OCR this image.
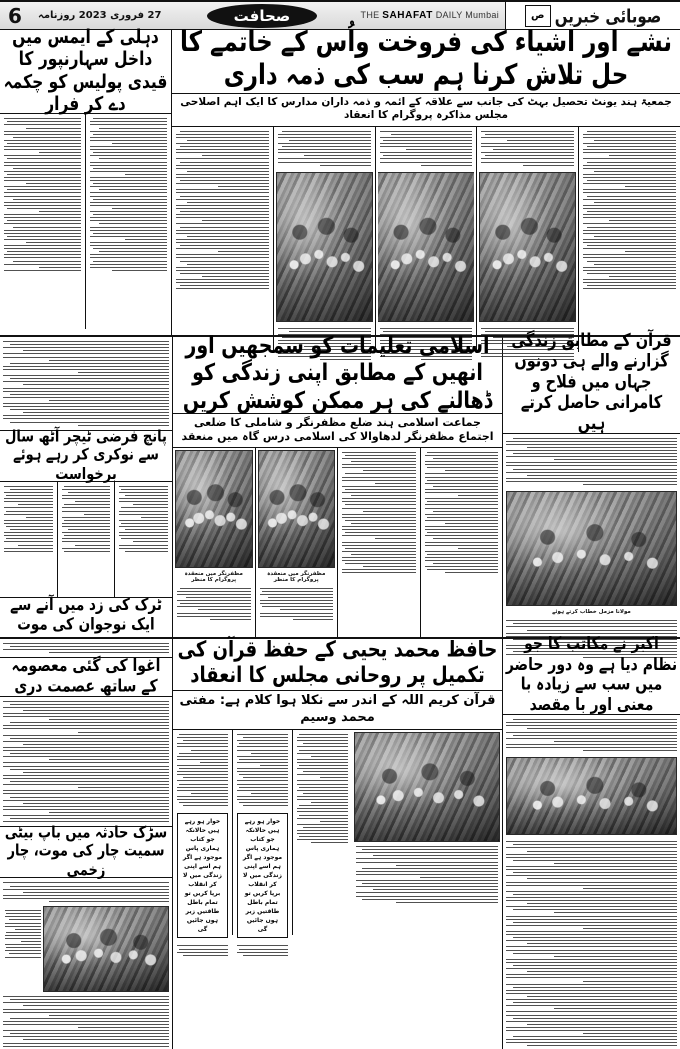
صوبائی خبریں
ص
THE SAHAFAT DAILY Mumbai
صحافت
27 فروری 2023 روزنامہ
6
نشے اور اشیاء کی فروخت واُس کے خاتمے کا حل تلاش کرنا ہم سب کی ذمہ داری
جمعیۃ ہند یونٹ تحصیل بہٹ کی جانب سے علاقہ کے ائمہ و ذمہ داران مدارس کا ایک اہم اصلاحی مجلس مذاکرہ پروگرام کا انعقاد
دہلی کے ایمس میں داخل سہارنپور کا قیدی پولیس کو چکمہ دے کر فرار
قرآن کے مطابق زندگی گزارنے والے ہی دونوں جہاں میں فلاح و کامرانی حاصل کرتے ہیں
مولانا مزمل خطاب کرتے ہوئے
اسلامی تعلیمات کو سمجھیں اور انھیں کے مطابق اپنی زندگی کو ڈھالنے کی ہر ممکن کوشش کریں
جماعت اسلامی ہند ضلع مظفرنگر و شاملی کا ضلعی اجتماع مظفرنگر لدھاوالا کی اسلامی درس گاہ میں منعقد
مظفرنگر میں منعقدہ پروگرام کا منظر
مظفرنگر میں منعقدہ پروگرام کا منظر
پانچ فرضی ٹیچر آٹھ سال سے نوکری کر رہے ہوئے برخواست
ٹرک کی زد میں آنے سے ایک نوجوان کی موت
اکبر نے مکاتب کا جو نظام دیا ہے وہ دور حاضر میں سب سے زیادہ با معنی اور با مقصد
حافظ محمد یحیی کے حفظ قرآن کی تکمیل پر روحانی مجلس کا انعقاد
قرآن کریم اللہ کے اندر سے نکلا ہوا کلام ہے: مفتی محمد وسیم
خوار ہو رہے ہیں حالانکہ جو کتاب ہماری پاس موجود ہے اگر ہم اسے اپنی زندگی میں لا کر انقلاب برپا کریں تو تمام باطل طاقتیں زیر ہوں جائیں گی
خوار ہو رہے ہیں حالانکہ جو کتاب ہماری پاس موجود ہے اگر ہم اسے اپنی زندگی میں لا کر انقلاب برپا کریں تو تمام باطل طاقتیں زیر ہوں جائیں گی
اغوا کی گئی معصومہ کے ساتھ عصمت دری
سڑک حادثہ میں باپ بیٹی سمیت چار کی موت، چار زخمی
